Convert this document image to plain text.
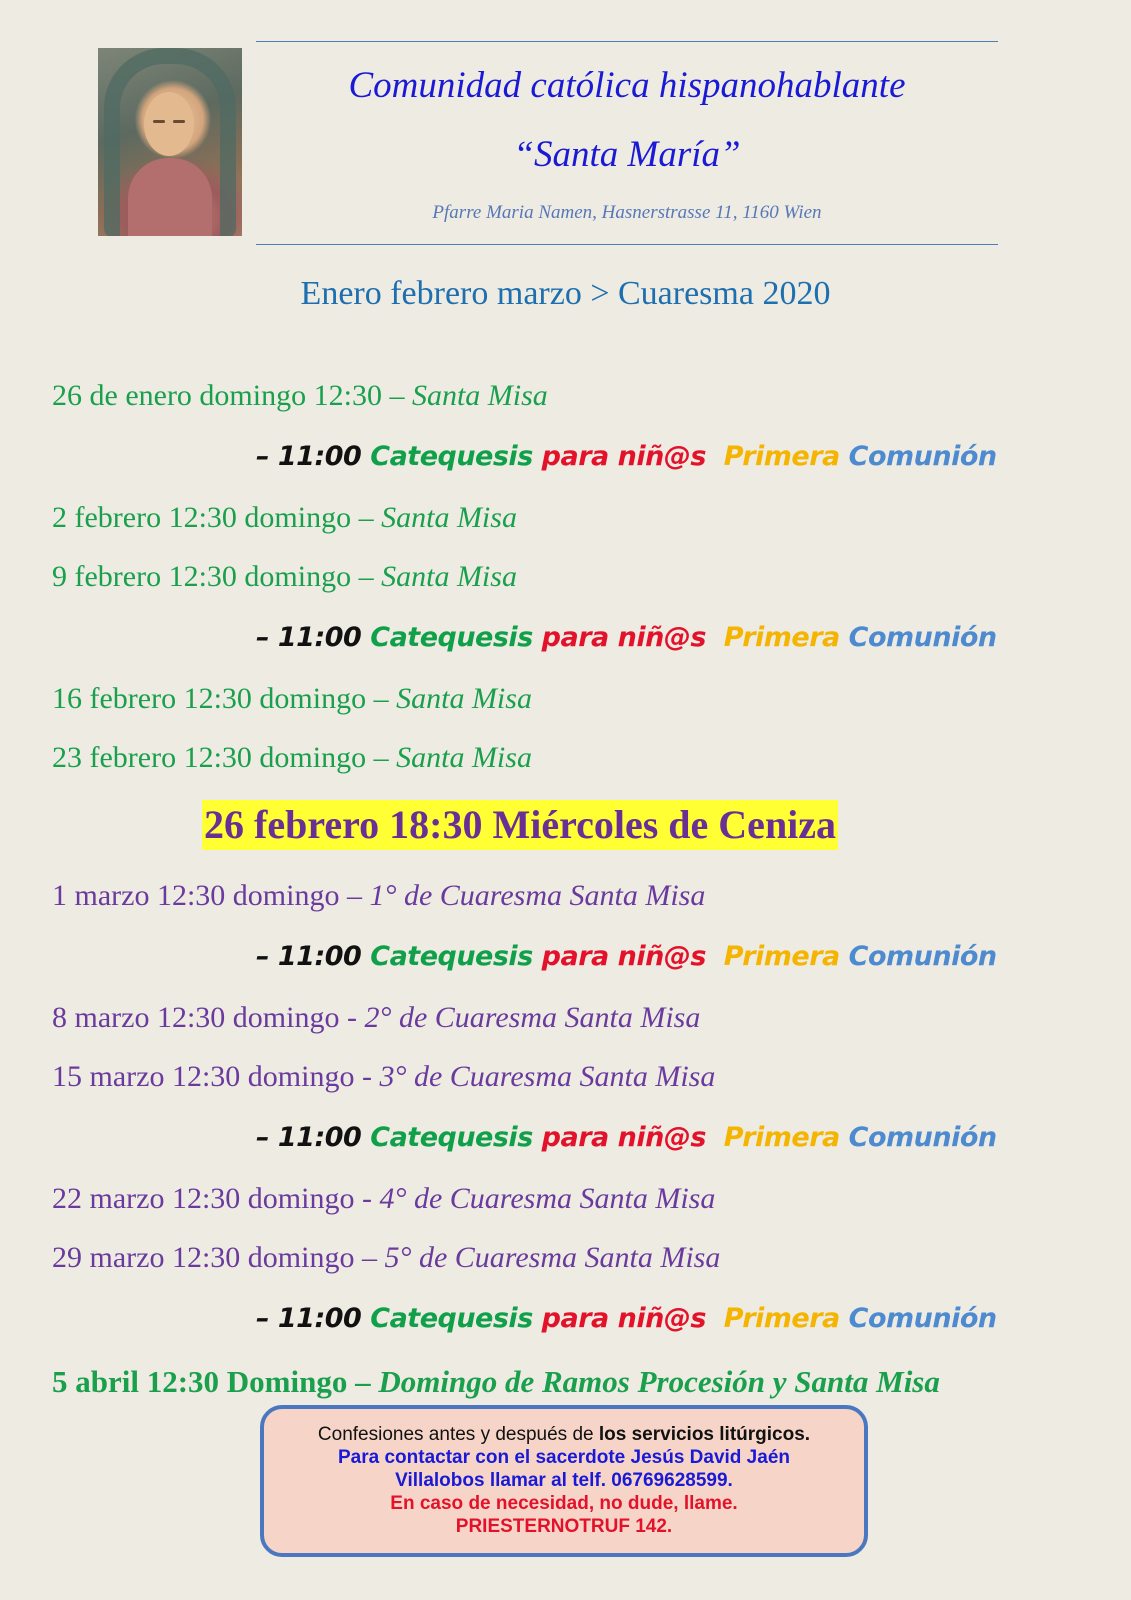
Comunidad católica hispanohablante
“Santa María”
Pfarre Maria Namen, Hasnerstrasse 11, 1160 Wien
Enero febrero marzo > Cuaresma 2020
26 de enero domingo 12:30 – Santa Misa
– 11:00 Catequesis para niñ@s Primera Comunión
2 febrero 12:30 domingo – Santa Misa
9 febrero 12:30 domingo – Santa Misa
– 11:00 Catequesis para niñ@s Primera Comunión
16 febrero 12:30 domingo – Santa Misa
23 febrero 12:30 domingo – Santa Misa
26 febrero 18:30 Miércoles de Ceniza
1 marzo 12:30 domingo – 1° de Cuaresma Santa Misa
– 11:00 Catequesis para niñ@s Primera Comunión
8 marzo 12:30 domingo - 2° de Cuaresma Santa Misa
15 marzo 12:30 domingo - 3° de Cuaresma Santa Misa
– 11:00 Catequesis para niñ@s Primera Comunión
22 marzo 12:30 domingo - 4° de Cuaresma Santa Misa
29 marzo 12:30 domingo – 5° de Cuaresma Santa Misa
– 11:00 Catequesis para niñ@s Primera Comunión
5 abril 12:30 Domingo – Domingo de Ramos Procesión y Santa Misa
Confesiones antes y después de los servicios litúrgicos.
Para contactar con el sacerdote Jesús David Jaén
Villalobos llamar al telf. 06769628599.
En caso de necesidad, no dude, llame.
PRIESTERNOTRUF 142.
